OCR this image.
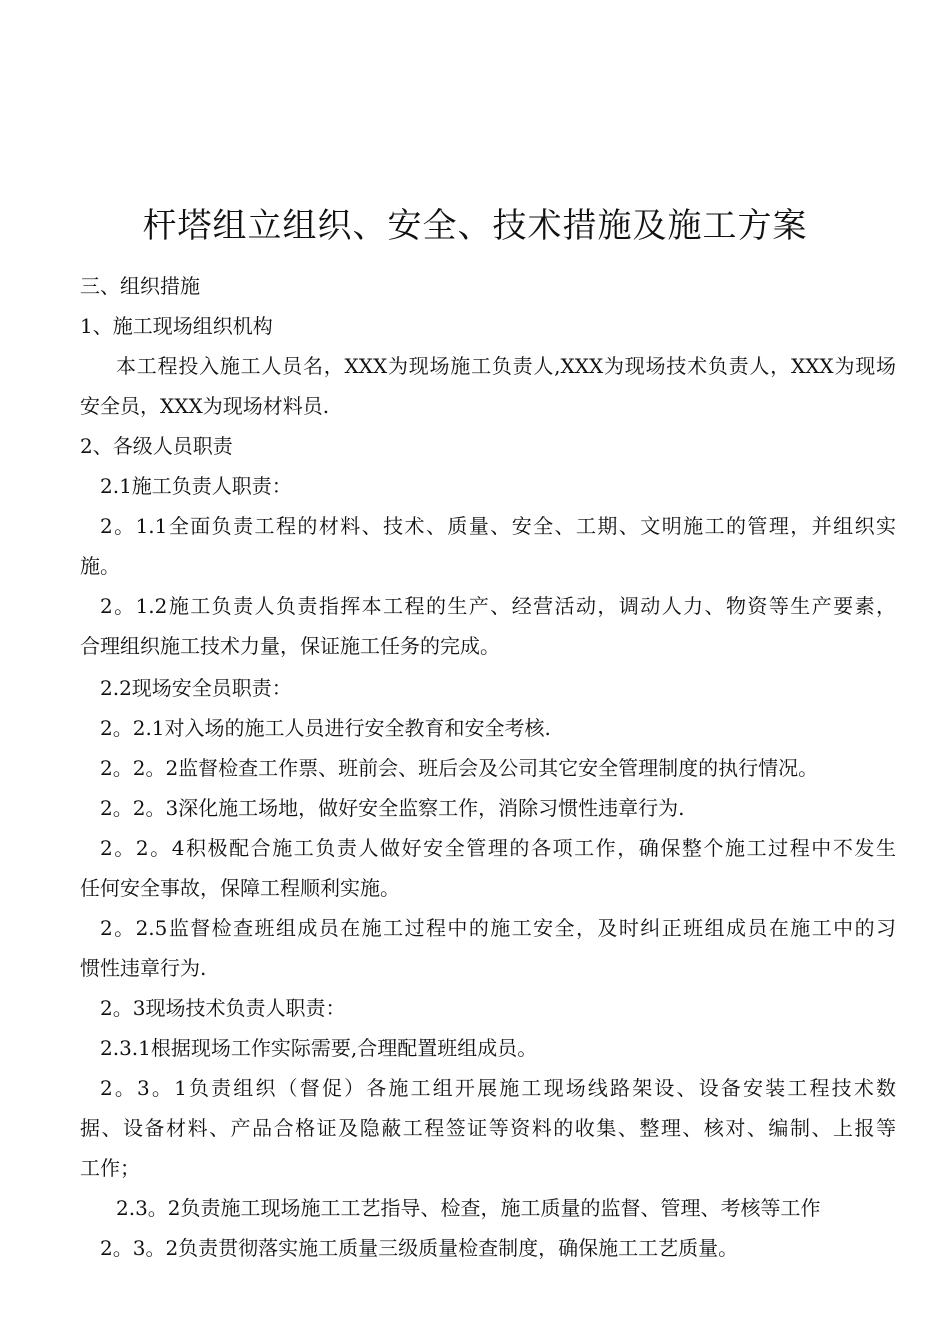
杆塔组立组织、安全、技术措施及施工方案
三、组织措施
1、施工现场组织机构
本工程投入施工人员名，XXX为现场施工负责人,XXX为现场技术负责人，XXX为现场
安全员，XXX为现场材料员.
2、各级人员职责
2.1施工负责人职责：
2。1.1全面负责工程的材料、技术、质量、安全、工期、文明施工的管理，并组织实
施。
2。1.2施工负责人负责指挥本工程的生产、经营活动，调动人力、物资等生产要素，
合理组织施工技术力量，保证施工任务的完成。
2.2现场安全员职责：
2。2.1对入场的施工人员进行安全教育和安全考核.
2。2。2监督检查工作票、班前会、班后会及公司其它安全管理制度的执行情况。
2。2。3深化施工场地，做好安全监察工作，消除习惯性违章行为.
2。2。4积极配合施工负责人做好安全管理的各项工作，确保整个施工过程中不发生
任何安全事故，保障工程顺利实施。
2。2.5监督检查班组成员在施工过程中的施工安全，及时纠正班组成员在施工中的习
惯性违章行为.
2。3现场技术负责人职责：
2.3.1根据现场工作实际需要,合理配置班组成员。
2。3。1负责组织（督促）各施工组开展施工现场线路架设、设备安装工程技术数
据、设备材料、产品合格证及隐蔽工程签证等资料的收集、整理、核对、编制、上报等
工作；
2.3。2负责施工现场施工工艺指导、检查，施工质量的监督、管理、考核等工作
2。3。2负责贯彻落实施工质量三级质量检查制度，确保施工工艺质量。
